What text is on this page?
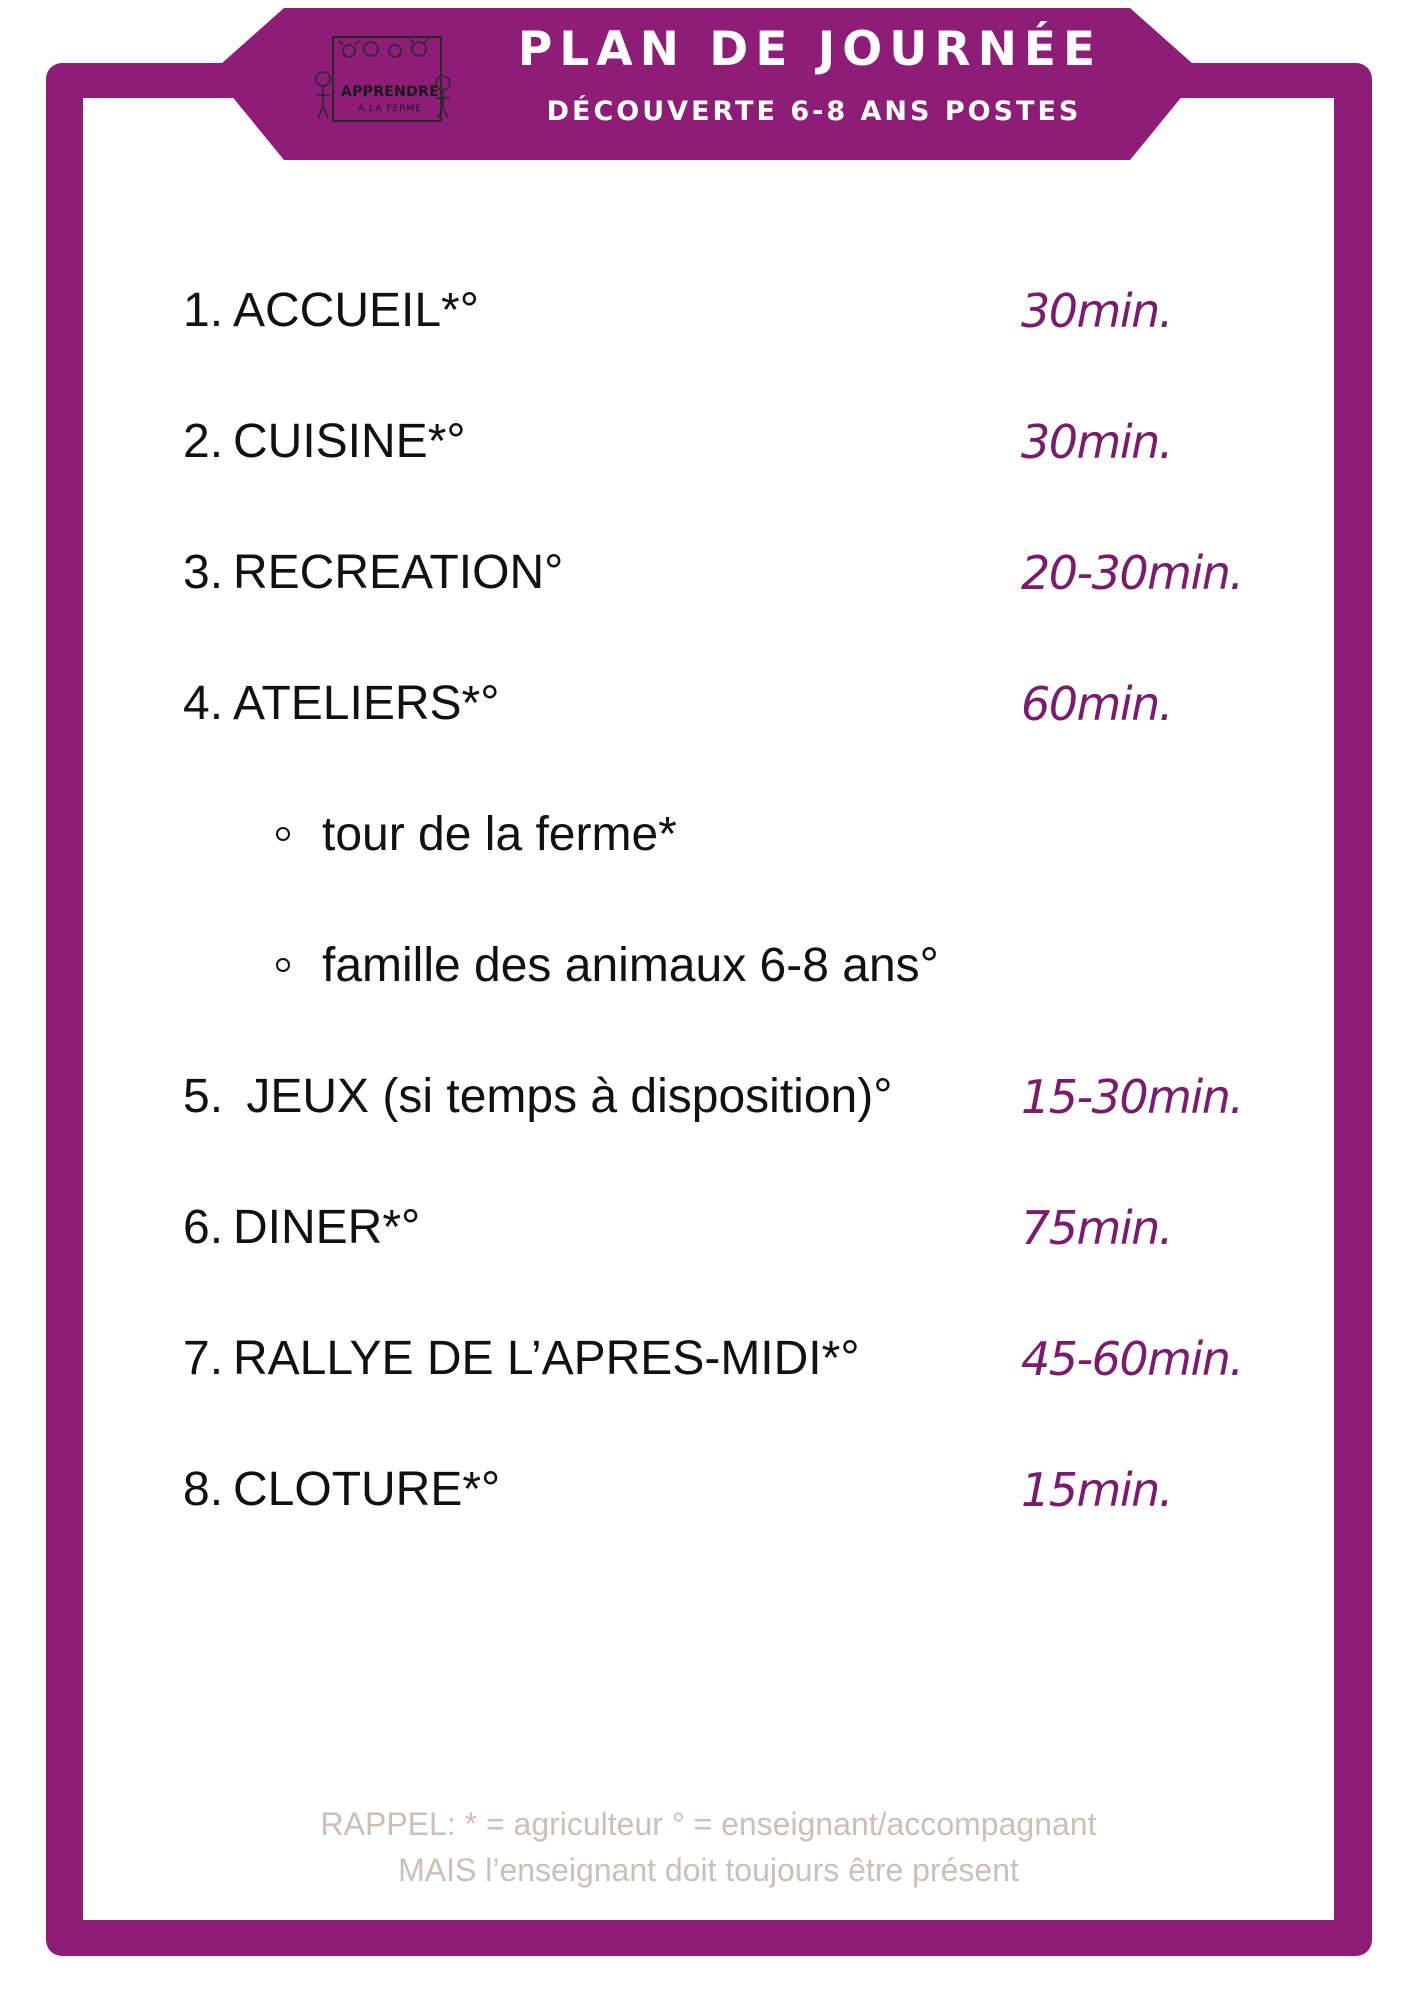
APPRENDRE
À LA FERME
PLAN DE JOURNÉE
DÉCOUVERTE 6-8 ANS POSTES
1. ACCUEIL*°	30min.
2. CUISINE*°	30min.
3. RECREATION°	20-30min.
4. ATELIERS*°	60min.
tour de la ferme*
famille des animaux 6-8 ans°
5. JEUX (si temps à disposition)°	15-30min.
6. DINER*°	75min.
7. RALLYE DE L’APRES-MIDI*°	45-60min.
8. CLOTURE*°	15min.
RAPPEL: * = agriculteur ° = enseignant/accompagnant
MAIS l’enseignant doit toujours être présent
